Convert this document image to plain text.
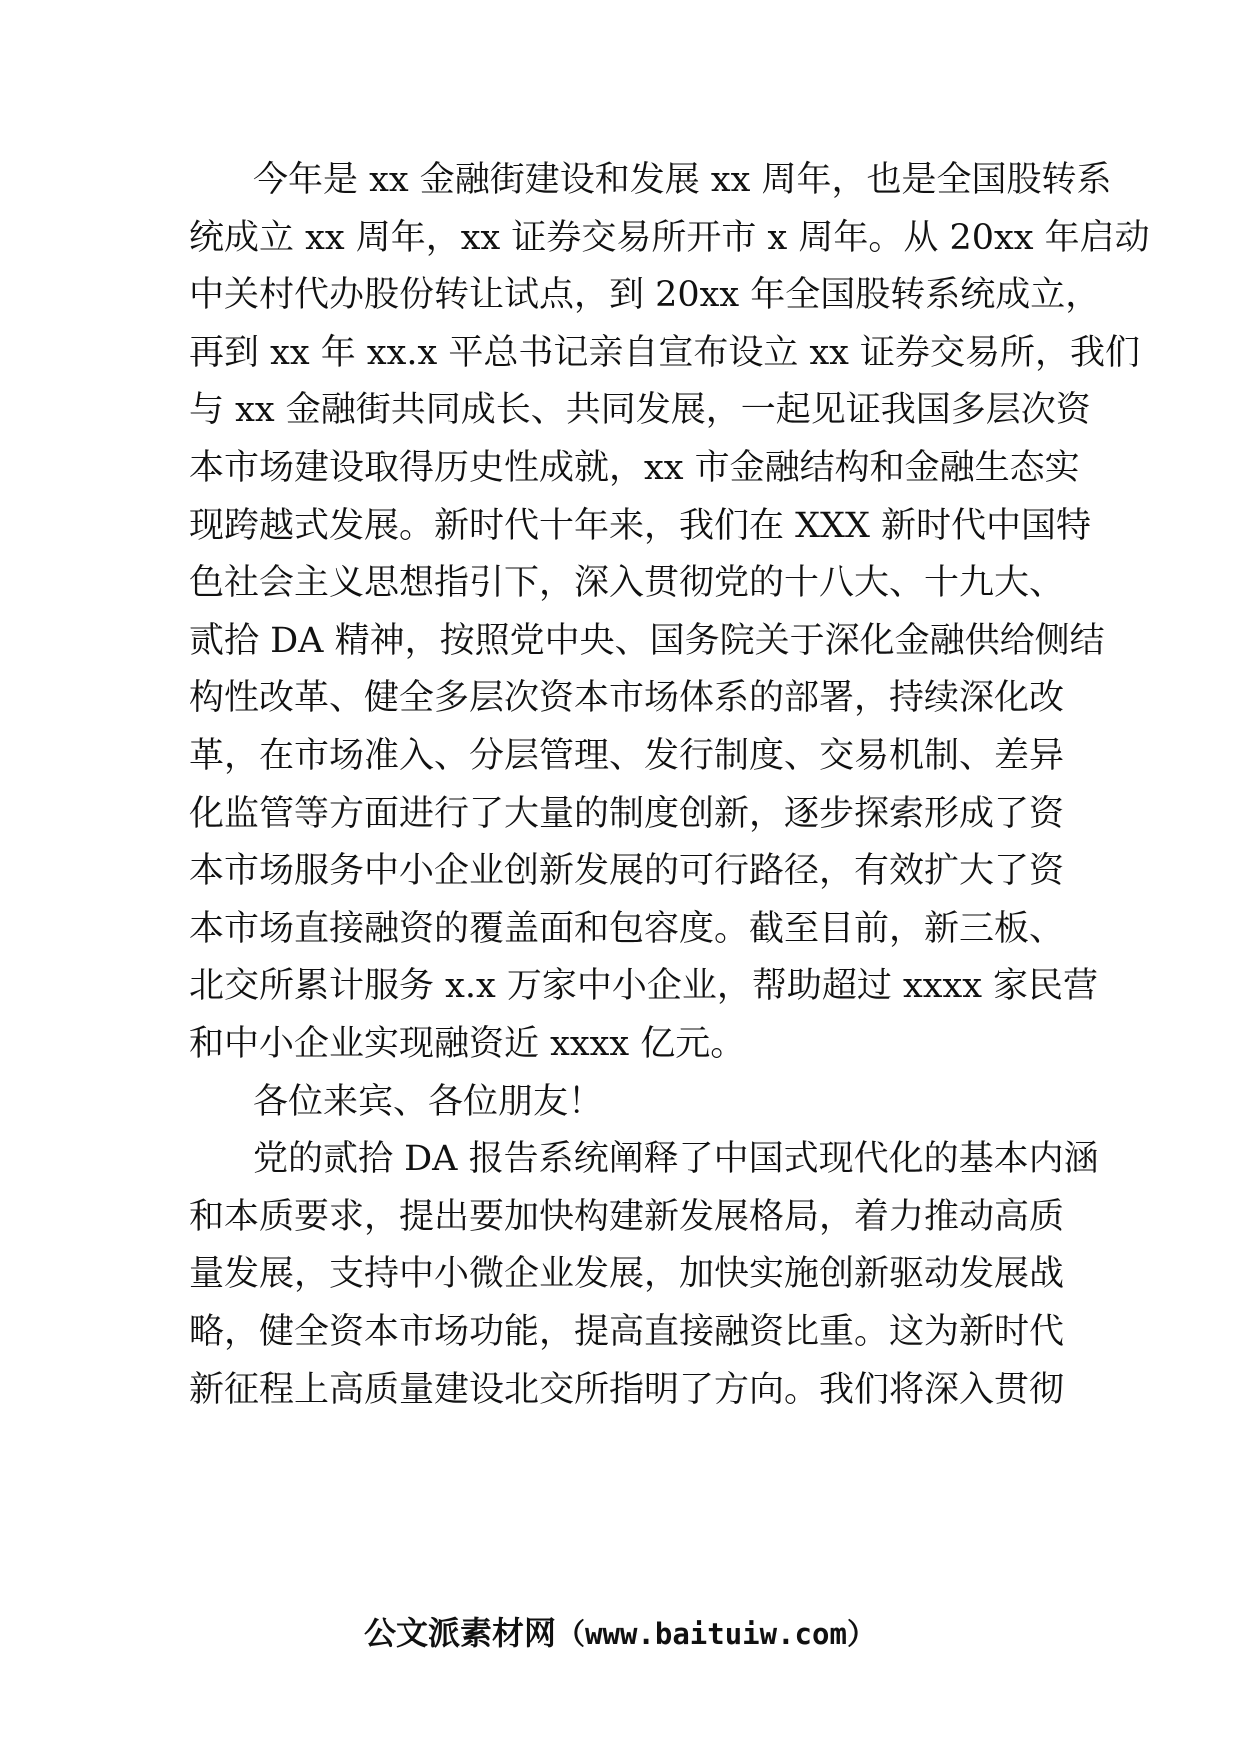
今年是 xx 金融街建设和发展 xx 周年，也是全国股转系
统成立 xx 周年，xx 证券交易所开市 x 周年。从 20xx 年启动
中关村代办股份转让试点，到 20xx 年全国股转系统成立，
再到 xx 年 xx.x 平总书记亲自宣布设立 xx 证券交易所，我们
与 xx 金融街共同成长、共同发展，一起见证我国多层次资
本市场建设取得历史性成就，xx 市金融结构和金融生态实
现跨越式发展。新时代十年来，我们在 XXX 新时代中国特
色社会主义思想指引下，深入贯彻党的十八大、十九大、
贰拾 DA 精神，按照党中央、国务院关于深化金融供给侧结
构性改革、健全多层次资本市场体系的部署，持续深化改
革，在市场准入、分层管理、发行制度、交易机制、差异
化监管等方面进行了大量的制度创新，逐步探索形成了资
本市场服务中小企业创新发展的可行路径，有效扩大了资
本市场直接融资的覆盖面和包容度。截至目前，新三板、
北交所累计服务 x.x 万家中小企业，帮助超过 xxxx 家民营
和中小企业实现融资近 xxxx 亿元。
各位来宾、各位朋友！
党的贰拾 DA 报告系统阐释了中国式现代化的基本内涵
和本质要求，提出要加快构建新发展格局，着力推动高质
量发展，支持中小微企业发展，加快实施创新驱动发展战
略，健全资本市场功能，提高直接融资比重。这为新时代
新征程上高质量建设北交所指明了方向。我们将深入贯彻
公文派素材网（www.baituiw.com）
